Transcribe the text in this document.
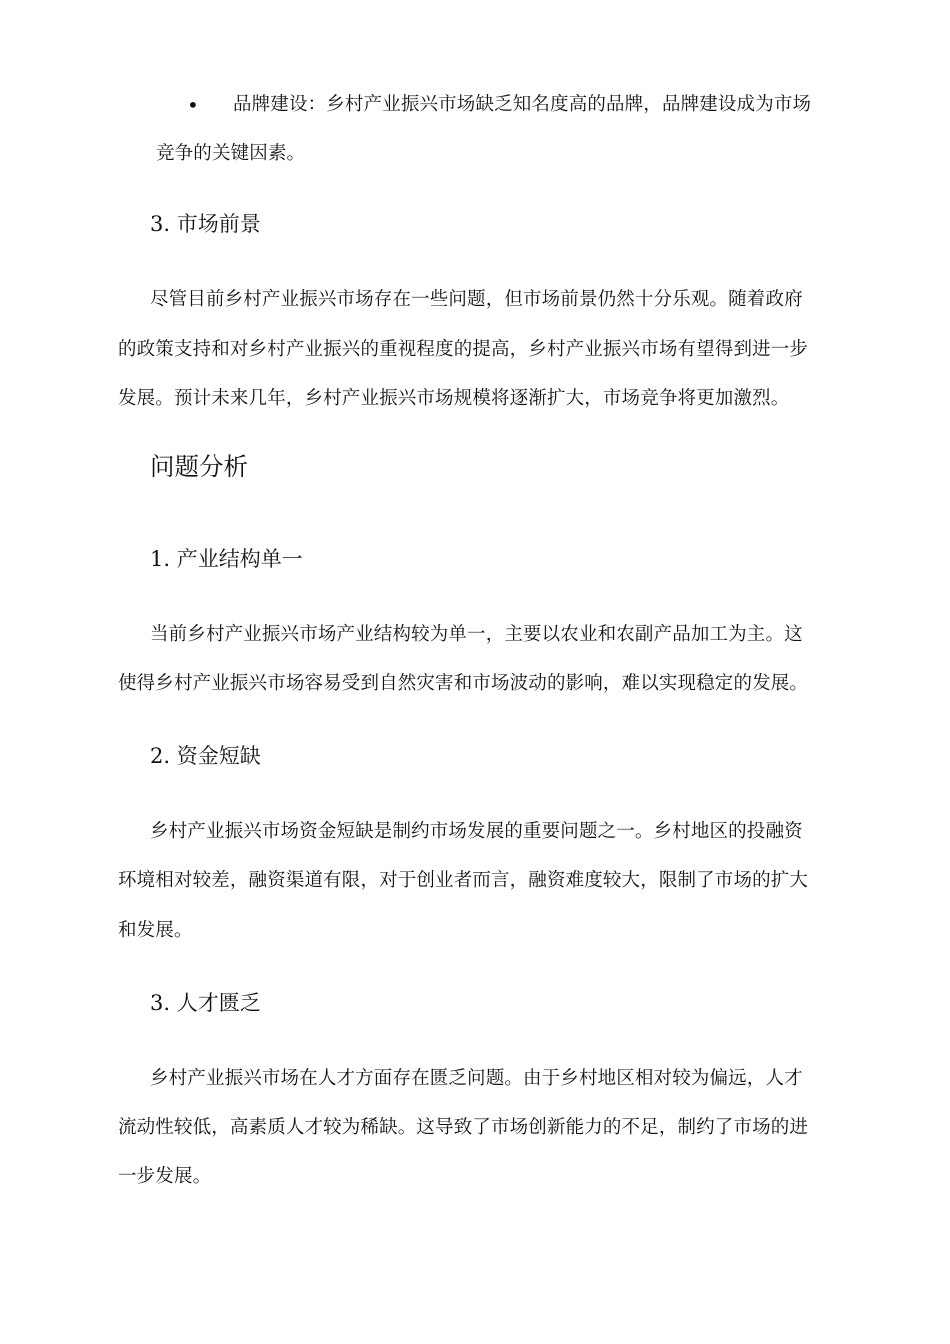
• 品牌建设：乡村产业振兴市场缺乏知名度高的品牌，品牌建设成为市场

竞争的关键因素。

3. 市场前景

尽管目前乡村产业振兴市场存在一些问题，但市场前景仍然十分乐观。随着政府

的政策支持和对乡村产业振兴的重视程度的提高，乡村产业振兴市场有望得到进一步

发展。预计未来几年，乡村产业振兴市场规模将逐渐扩大，市场竞争将更加激烈。

问题分析
1. 产业结构单一

当前乡村产业振兴市场产业结构较为单一，主要以农业和农副产品加工为主。这

使得乡村产业振兴市场容易受到自然灾害和市场波动的影响，难以实现稳定的发展。

2. 资金短缺

乡村产业振兴市场资金短缺是制约市场发展的重要问题之一。乡村地区的投融资

环境相对较差，融资渠道有限，对于创业者而言，融资难度较大，限制了市场的扩大

和发展。

3. 人才匮乏

乡村产业振兴市场在人才方面存在匮乏问题。由于乡村地区相对较为偏远，人才

流动性较低，高素质人才较为稀缺。这导致了市场创新能力的不足，制约了市场的进

一步发展。
